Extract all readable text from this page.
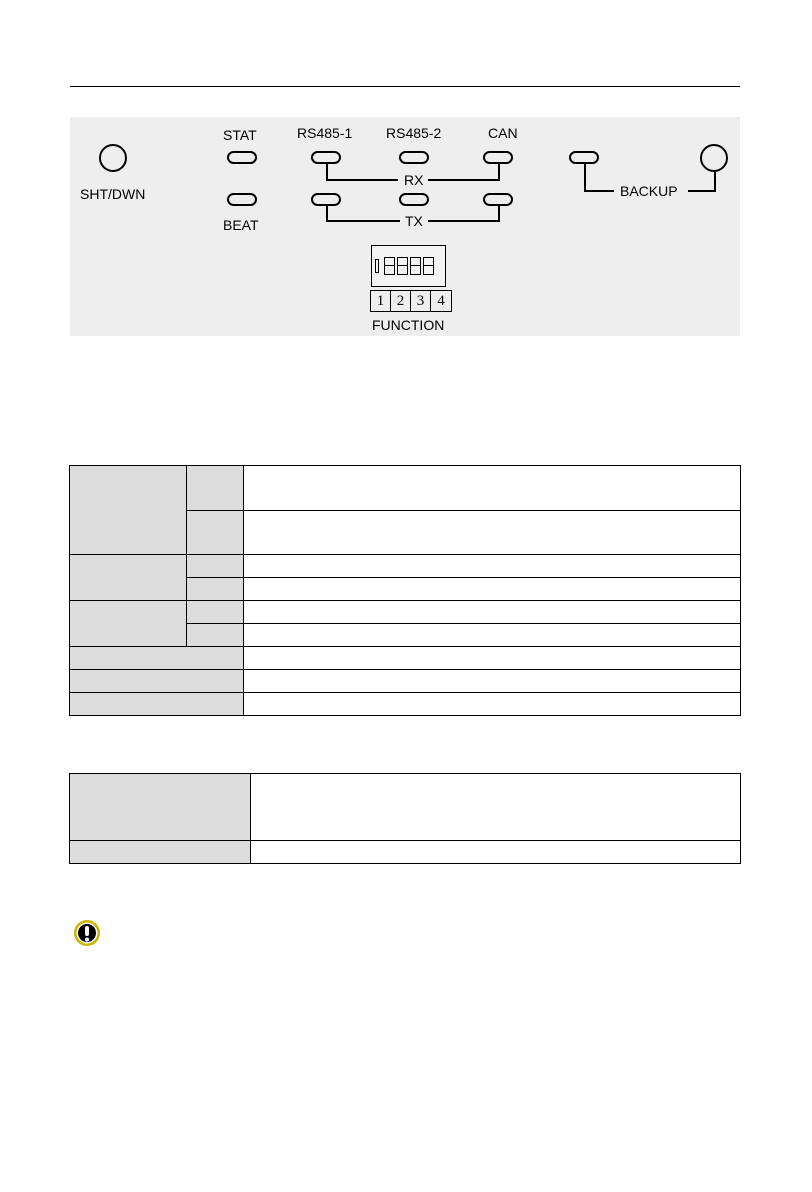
SHT/DWN
STAT
BEAT
RS485-1 RS485-2	CAN
RX
TX
BACKUP
1 2 3 4
FUNCTION
